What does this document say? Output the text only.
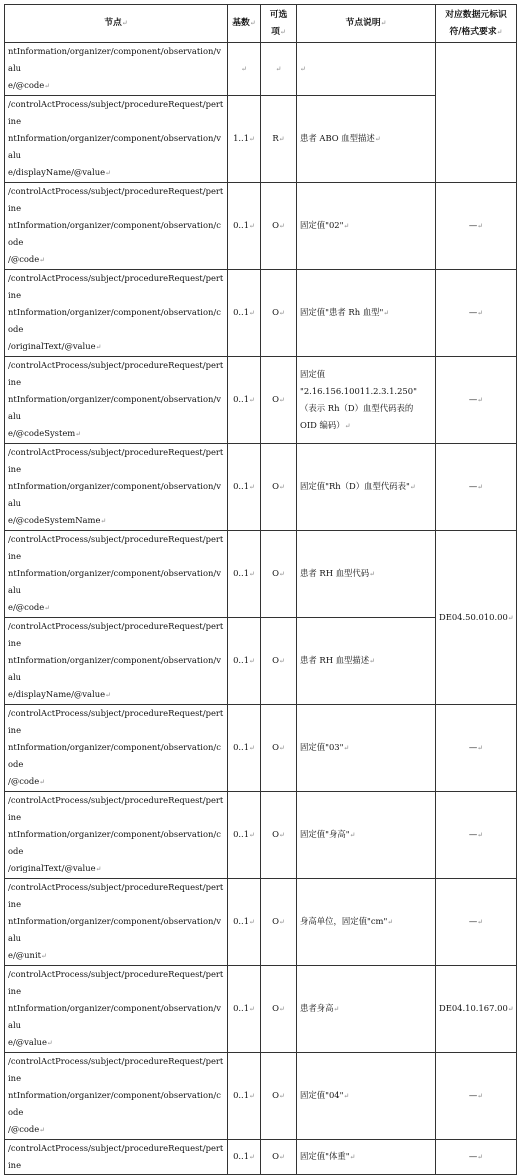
节点↵	基数↵	可选
项↵	节点说明↵	对应数据元标识
符/格式要求↵
ntInformation/organizer/component/observation/valu
e/@code↵	↵	↵	↵	
/controlActProcess/subject/procedureRequest/pertine
ntInformation/organizer/component/observation/valu
e/displayName/@value↵	1..1↵	R↵	患者 ABO 血型描述↵	
/controlActProcess/subject/procedureRequest/pertine
ntInformation/organizer/component/observation/code
/@code↵	0..1↵	O↵	固定值"02"↵	—↵
/controlActProcess/subject/procedureRequest/pertine
ntInformation/organizer/component/observation/code
/originalText/@value↵	0..1↵	O↵	固定值"患者 Rh 血型"↵	—↵
/controlActProcess/subject/procedureRequest/pertine
ntInformation/organizer/component/observation/valu
e/@codeSystem↵	0..1↵	O↵	固定值
"2.16.156.10011.2.3.1.250"
（表示 Rh（D）血型代码表的
OID 编码）↵	—↵
/controlActProcess/subject/procedureRequest/pertine
ntInformation/organizer/component/observation/valu
e/@codeSystemName↵	0..1↵	O↵	固定值"Rh（D）血型代码表"↵	—↵
/controlActProcess/subject/procedureRequest/pertine
ntInformation/organizer/component/observation/valu
e/@code↵	0..1↵	O↵	患者 RH 血型代码↵	DE04.50.010.00↵
/controlActProcess/subject/procedureRequest/pertine
ntInformation/organizer/component/observation/valu
e/displayName/@value↵	0..1↵	O↵	患者 RH 血型描述↵	
/controlActProcess/subject/procedureRequest/pertine
ntInformation/organizer/component/observation/code
/@code↵	0..1↵	O↵	固定值"03"↵	—↵
/controlActProcess/subject/procedureRequest/pertine
ntInformation/organizer/component/observation/code
/originalText/@value↵	0..1↵	O↵	固定值"身高"↵	—↵
/controlActProcess/subject/procedureRequest/pertine
ntInformation/organizer/component/observation/valu
e/@unit↵	0..1↵	O↵	身高单位，固定值"cm"↵	—↵
/controlActProcess/subject/procedureRequest/pertine
ntInformation/organizer/component/observation/valu
e/@value↵	0..1↵	O↵	患者身高↵	DE04.10.167.00↵
/controlActProcess/subject/procedureRequest/pertine
ntInformation/organizer/component/observation/code
/@code↵	0..1↵	O↵	固定值"04"↵	—↵
/controlActProcess/subject/procedureRequest/pertine	0..1↵	O↵	固定值"体重"↵	—↵
